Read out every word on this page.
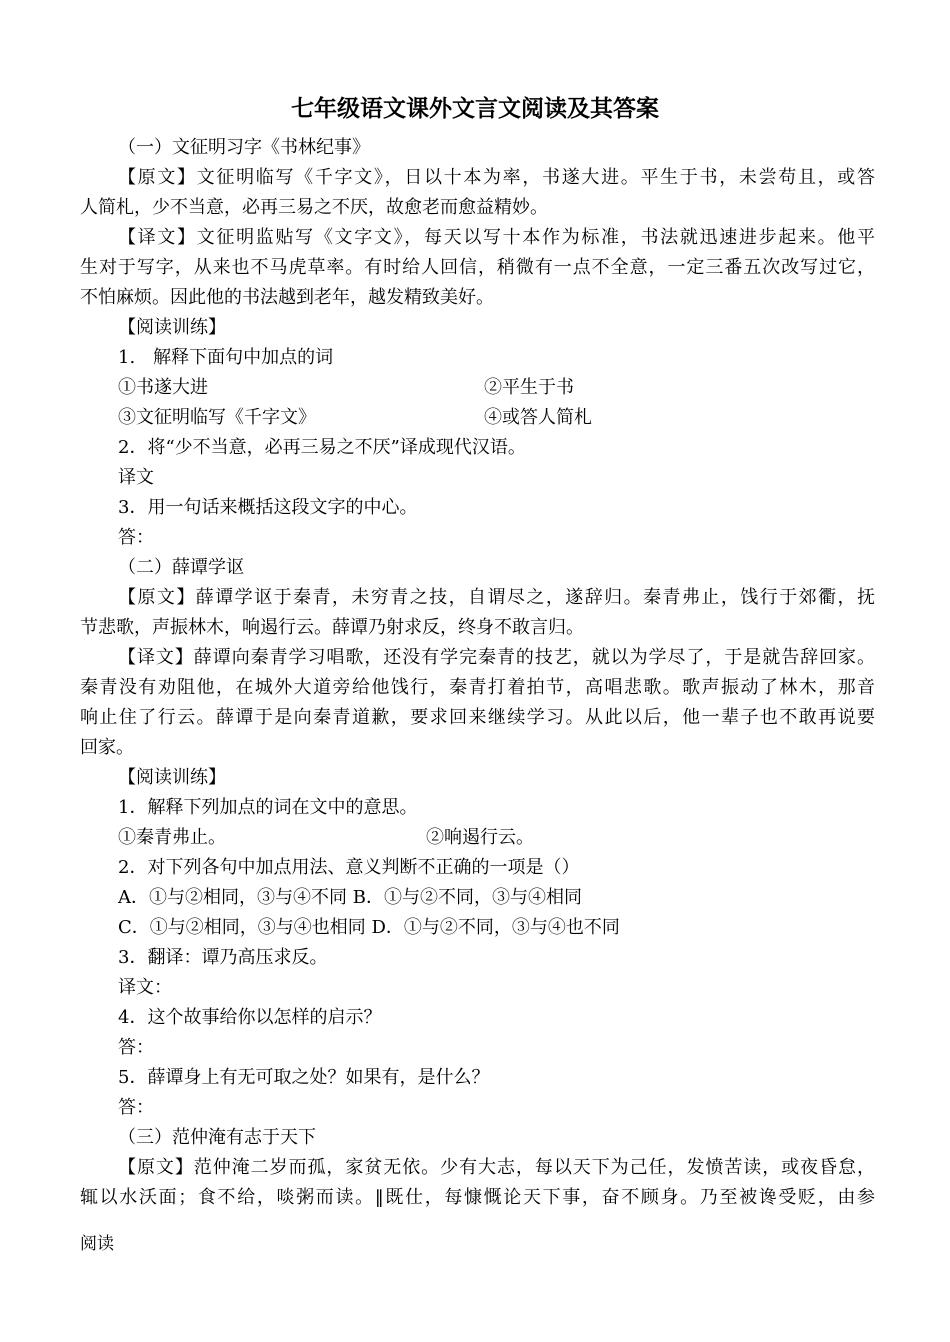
七年级语文课外文言文阅读及其答案
（一）文征明习字《书林纪事》
【原文】文征明临写《千字文》，日以十本为率，书遂大进。平生于书，未尝苟且，或答
人简札，少不当意，必再三易之不厌，故愈老而愈益精妙。
【译文】文征明监贴写《文字文》，每天以写十本作为标准，书法就迅速进步起来。他平
生对于写字，从来也不马虎草率。有时给人回信，稍微有一点不全意，一定三番五次改写过它，
不怕麻烦。因此他的书法越到老年，越发精致美好。
【阅读训练】
1.　解释下面句中加点的词
①书遂大进	②平生于书
③文征明临写《千字文》	④或答人简札
2．将“少不当意，必再三易之不厌”译成现代汉语。
译文
3．用一句话来概括这段文字的中心。
答：
（二）薛谭学讴
【原文】薛谭学讴于秦青，未穷青之技，自谓尽之，遂辞归。秦青弗止，饯行于郊衢，抚
节悲歌，声振林木，响遏行云。薛谭乃射求反，终身不敢言归。
【译文】薛谭向秦青学习唱歌，还没有学完秦青的技艺，就以为学尽了，于是就告辞回家。
秦青没有劝阻他，在城外大道旁给他饯行，秦青打着拍节，高唱悲歌。歌声振动了林木，那音
响止住了行云。薛谭于是向秦青道歉，要求回来继续学习。从此以后，他一辈子也不敢再说要
回家。
【阅读训练】
1．解释下列加点的词在文中的意思。
①秦青弗止。	②响遏行云。
2．对下列各句中加点用法、意义判断不正确的一项是（）
A．①与②相同，③与④不同 B．①与②不同，③与④相同
C．①与②相同，③与④也相同 D．①与②不同，③与④也不同
3．翻译：谭乃高压求反。
译文：
4．这个故事给你以怎样的启示？
答：
5．薛谭身上有无可取之处？如果有，是什么？
答：
（三）范仲淹有志于天下
【原文】范仲淹二岁而孤，家贫无依。少有大志，每以天下为己任，发愤苦读，或夜昏怠，
辄以水沃面；食不给，啖粥而读。‖既仕，每慷慨论天下事，奋不顾身。乃至被谗受贬，由参
阅读
